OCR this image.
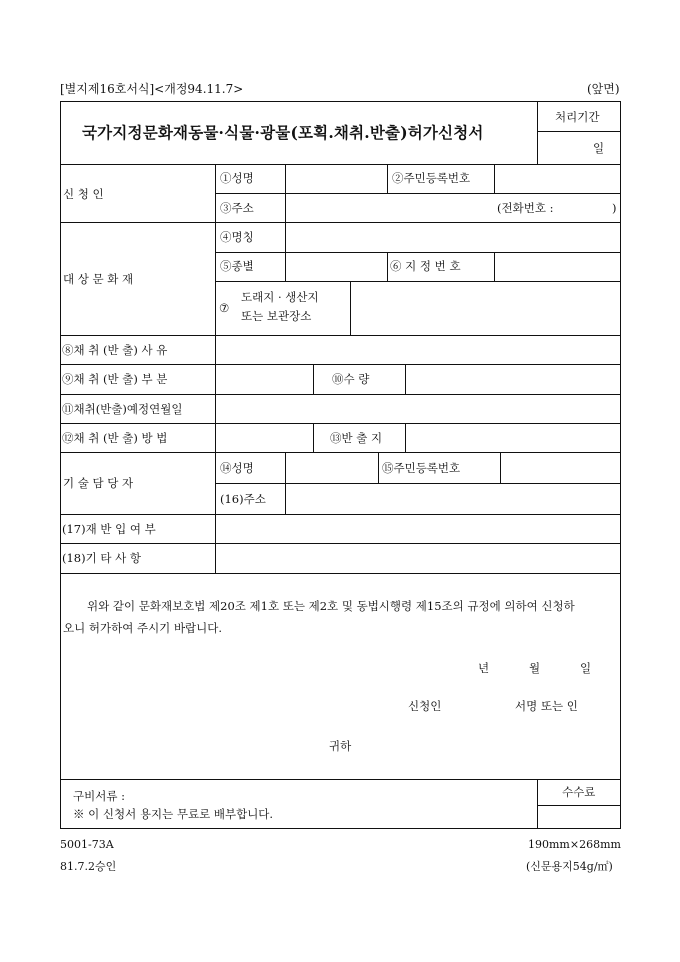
[별지제16호서식]<개정94.11.7>	(앞면)
국가지정문화재동물·식물·광물(포획.채취.반출)허가신청서
처리기간
일
신 청 인
①성명	②주민등록번호
③주소	(전화번호 :	)
대 상 문 화 재
④명칭
⑤종별	⑥ 지 정 번 호
⑦
도래지 · 생산지
또는 보관장소
⑧채 취 (반 출) 사 유
⑨채 취 (반 출) 부 분	⑩수 량
⑪채취(반출)예정연월일
⑫채 취 (반 출) 방 법	⑬반 출 지
기 술 담 당 자
⑭성명	⑮주민등록번호
(16)주소
(17)재 반 입 여 부
(18)기 타 사 항
위와 같이 문화재보호법 제20조 제1호 또는 제2호 및 동법시행령 제15조의 규정에 의하여 신청하
오니 허가하여 주시기 바랍니다.
년	월	일
신청인	서명 또는 인
귀하
구비서류 :
※ 이 신청서 용지는 무료로 배부합니다.
수수료
5001-73A
81.7.2승인
190mm×268mm
(신문용지54g/㎡)
